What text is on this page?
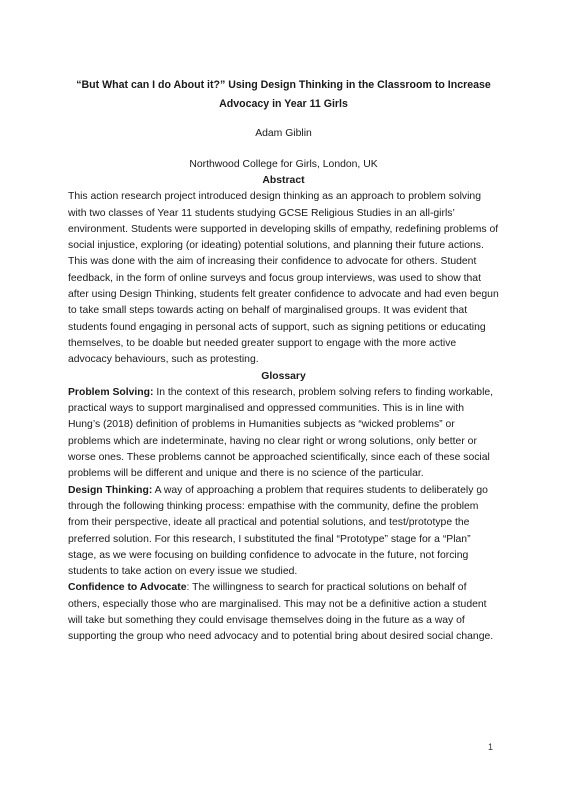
“But What can I do About it?” Using Design Thinking in the Classroom to Increase Advocacy in Year 11 Girls

Adam Giblin

Northwood College for Girls, London, UK

Abstract

This action research project introduced design thinking as an approach to problem solving with two classes of Year 11 students studying GCSE Religious Studies in an all-girls’ environment. Students were supported in developing skills of empathy, redefining problems of social injustice, exploring (or ideating) potential solutions, and planning their future actions. This was done with the aim of increasing their confidence to advocate for others. Student feedback, in the form of online surveys and focus group interviews, was used to show that after using Design Thinking, students felt greater confidence to advocate and had even begun to take small steps towards acting on behalf of marginalised groups. It was evident that students found engaging in personal acts of support, such as signing petitions or educating themselves, to be doable but needed greater support to engage with the more active advocacy behaviours, such as protesting.

Glossary

Problem Solving: In the context of this research, problem solving refers to finding workable, practical ways to support marginalised and oppressed communities. This is in line with Hung’s (2018) definition of problems in Humanities subjects as “wicked problems” or problems which are indeterminate, having no clear right or wrong solutions, only better or worse ones. These problems cannot be approached scientifically, since each of these social problems will be different and unique and there is no science of the particular.

Design Thinking: A way of approaching a problem that requires students to deliberately go through the following thinking process: empathise with the community, define the problem from their perspective, ideate all practical and potential solutions, and test/prototype the preferred solution. For this research, I substituted the final “Prototype” stage for a “Plan” stage, as we were focusing on building confidence to advocate in the future, not forcing students to take action on every issue we studied.

Confidence to Advocate: The willingness to search for practical solutions on behalf of others, especially those who are marginalised. This may not be a definitive action a student will take but something they could envisage themselves doing in the future as a way of supporting the group who need advocacy and to potential bring about desired social change.

1
